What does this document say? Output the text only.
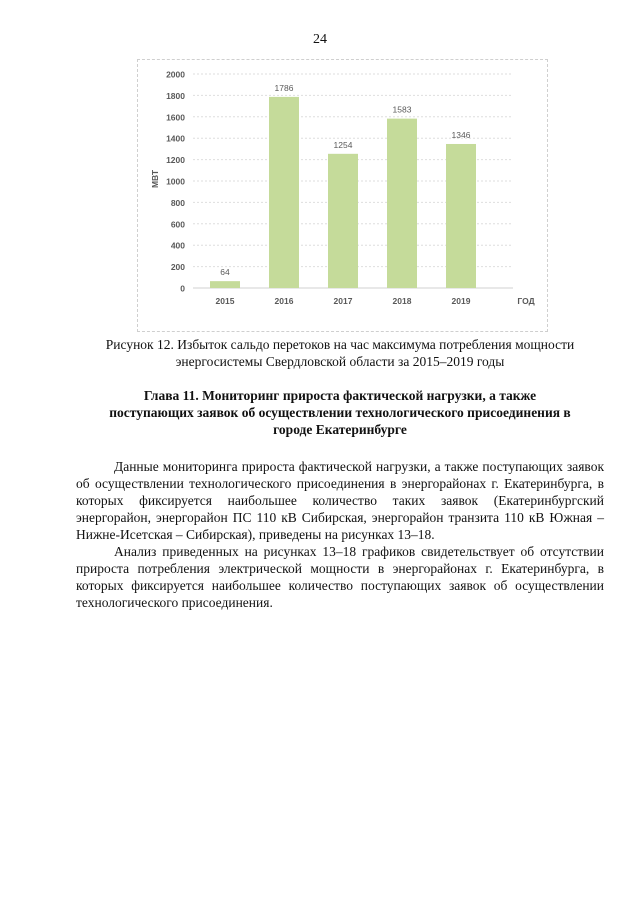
24
0
200
400
600
800
1000
1200
1400
1600
1800
2000
64
2015
1786
2016
1254
2017
1583
2018
1346
2019	ГОД
МВТ
Рисунок 12. Избыток сальдо перетоков на час максимума потребления мощности
энергосистемы Свердловской области за 2015–2019 годы
Глава 11. Мониторинг прироста фактической нагрузки, а также
поступающих заявок об осуществлении технологического присоединения в
городе Екатеринбурге

Данные мониторинга прироста фактической нагрузки, а также поступающих заявок об осуществлении технологического присоединения в энергорайонах г. Екатеринбурга, в которых фиксируется наибольшее количество таких заявок (Екатеринбургский энергорайон, энергорайон ПС 110 кВ Сибирская, энергорайон транзита 110 кВ Южная – Нижне-Исетская – Сибирская), приведены на рисунках 13–18.

Анализ приведенных на рисунках 13–18 графиков свидетельствует об отсутствии прироста потребления электрической мощности в энергорайонах г. Екатеринбурга, в которых фиксируется наибольшее количество поступающих заявок об осуществлении технологического присоединения.
